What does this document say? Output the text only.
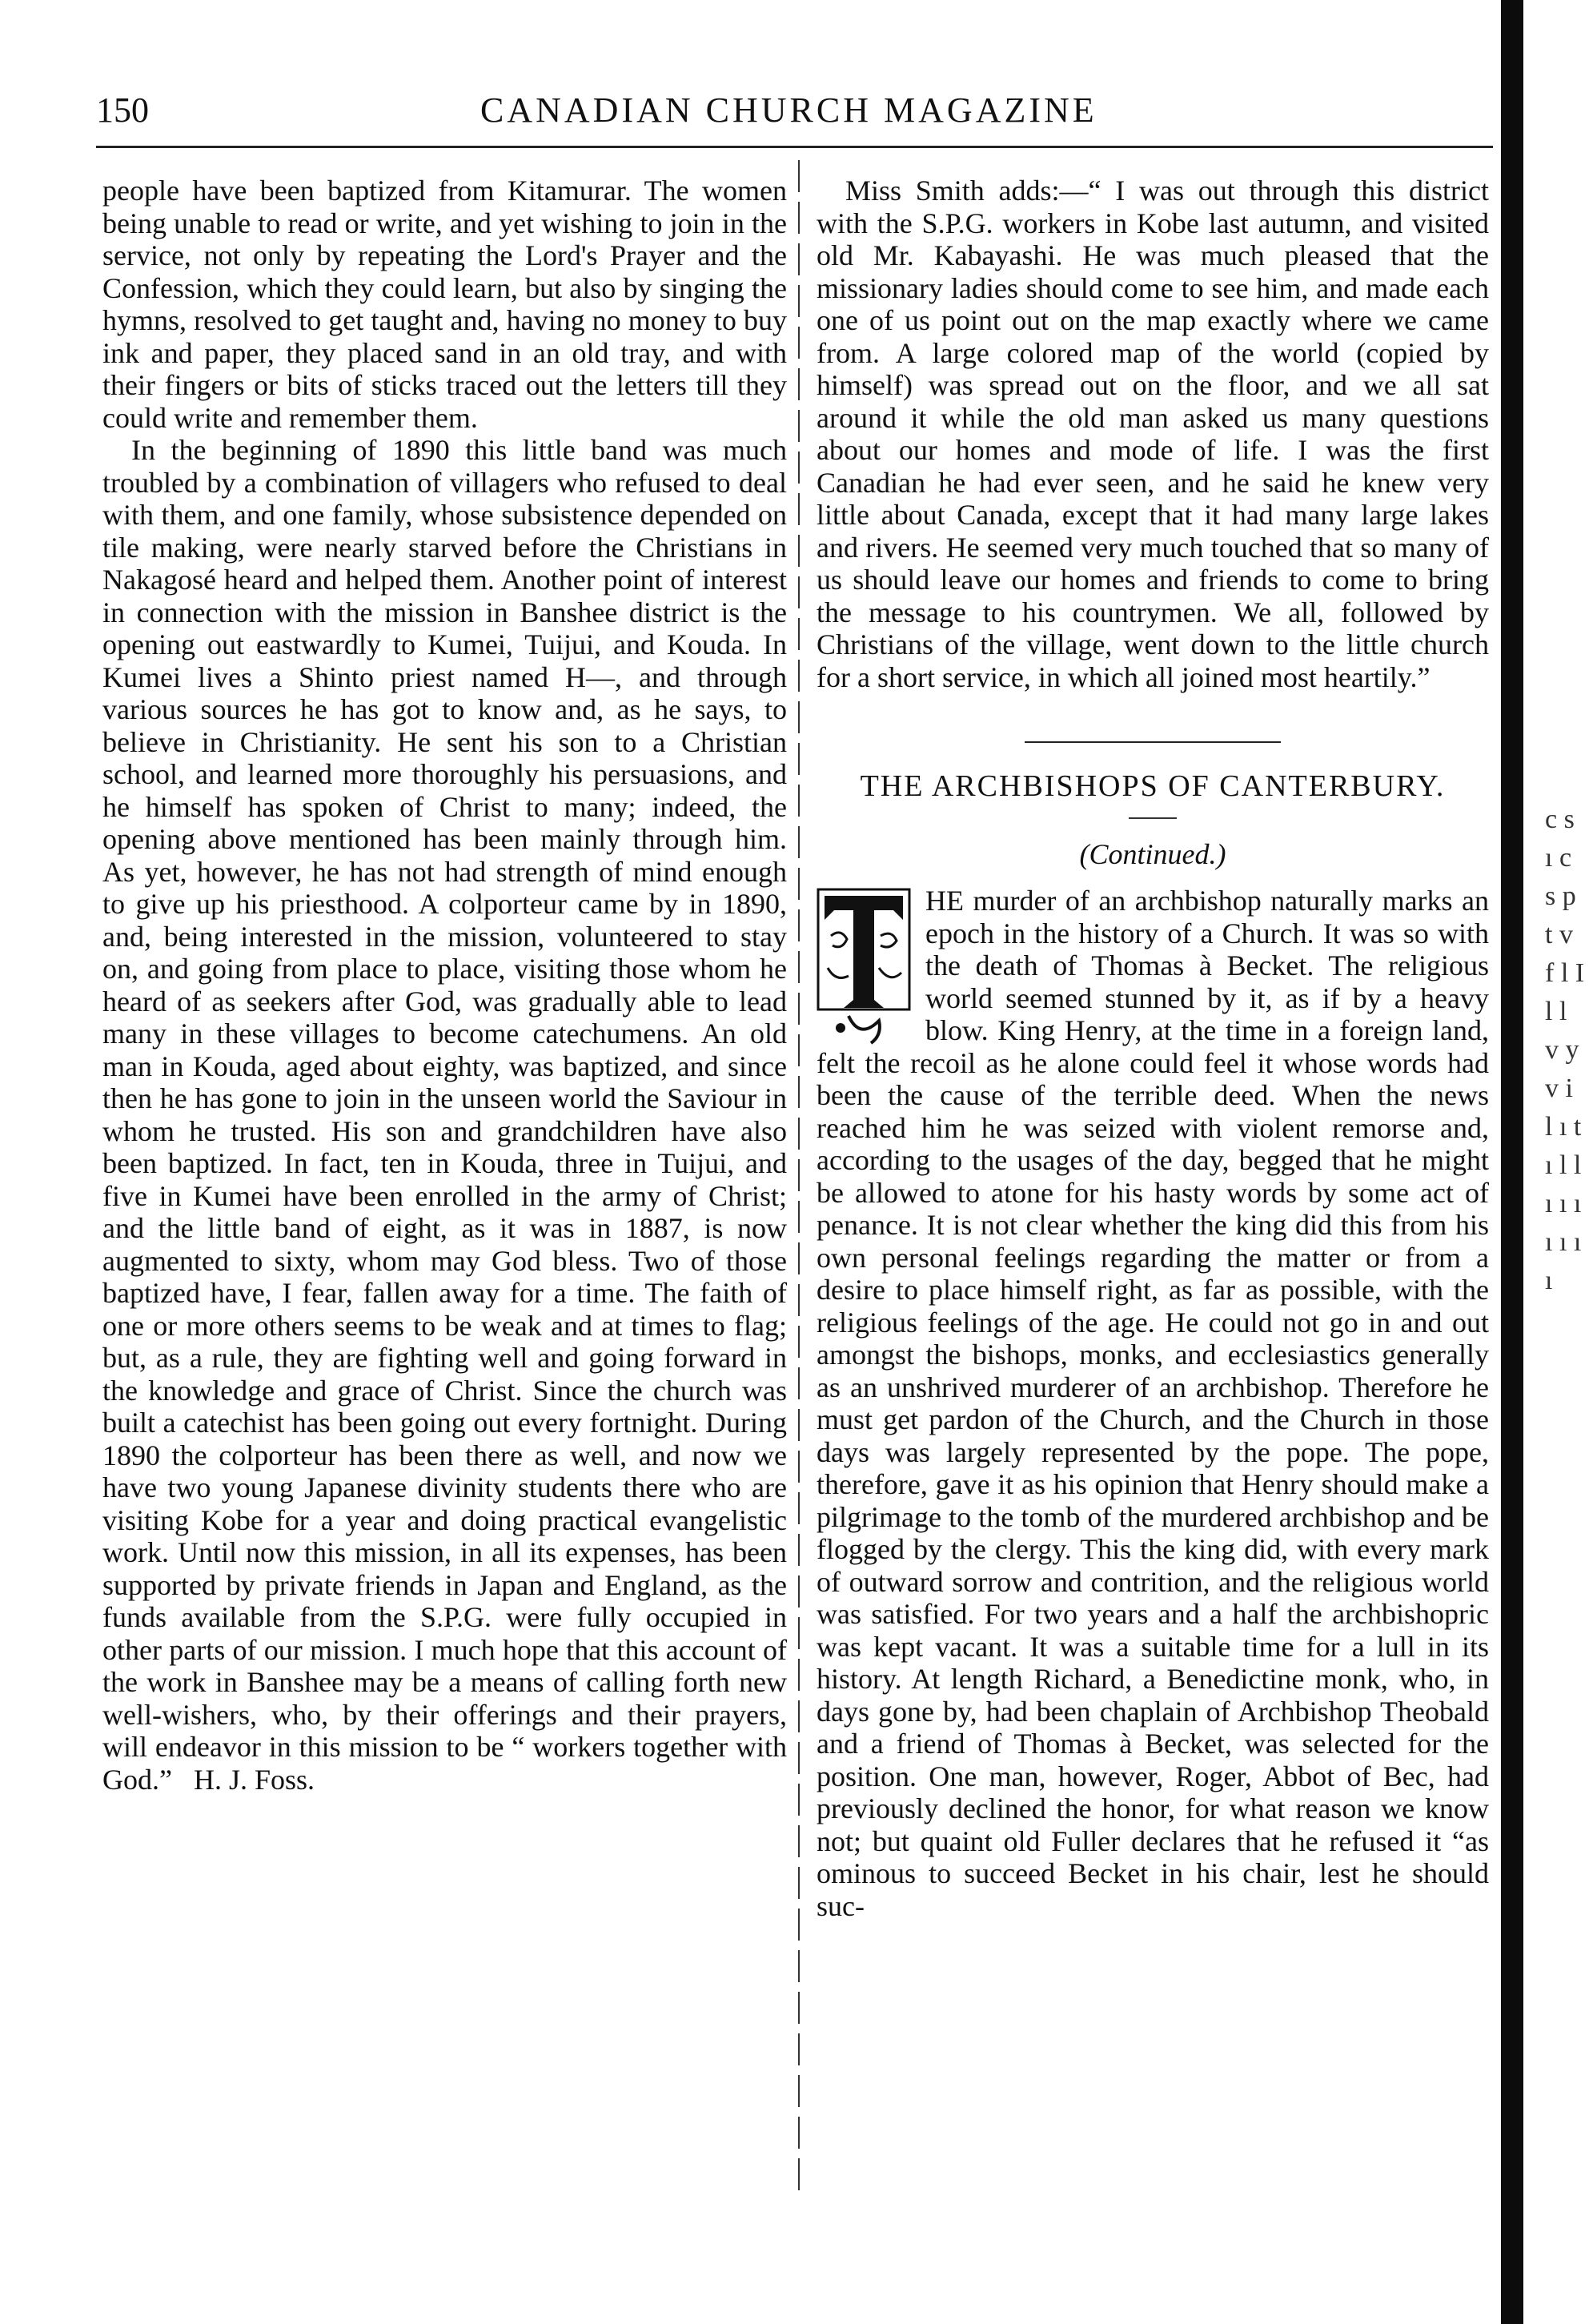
150	CANADIAN CHURCH MAGAZINE

people have been baptized from Kitamurar. The women being unable to read or write, and yet wishing to join in the service, not only by repeating the Lord's Prayer and the Confession, which they could learn, but also by singing the hymns, resolved to get taught and, having no money to buy ink and paper, they placed sand in an old tray, and with their fingers or bits of sticks traced out the letters till they could write and remember them.

In the beginning of 1890 this little band was much troubled by a combination of villagers who refused to deal with them, and one family, whose subsistence depended on tile making, were nearly starved before the Christians in Nakagosé heard and helped them. Another point of interest in connection with the mission in Banshee district is the opening out eastwardly to Kumei, Tuijui, and Kouda. In Kumei lives a Shinto priest named H—, and through various sources he has got to know and, as he says, to believe in Christianity. He sent his son to a Christian school, and learned more thoroughly his persuasions, and he himself has spoken of Christ to many; indeed, the opening above mentioned has been mainly through him. As yet, however, he has not had strength of mind enough to give up his priesthood. A colporteur came by in 1890, and, being interested in the mission, volunteered to stay on, and going from place to place, visiting those whom he heard of as seekers after God, was gradually able to lead many in these villages to become catechumens. An old man in Kouda, aged about eighty, was baptized, and since then he has gone to join in the unseen world the Saviour in whom he trusted. His son and grandchildren have also been baptized. In fact, ten in Kouda, three in Tuijui, and five in Kumei have been enrolled in the army of Christ; and the little band of eight, as it was in 1887, is now augmented to sixty, whom may God bless. Two of those baptized have, I fear, fallen away for a time. The faith of one or more others seems to be weak and at times to flag; but, as a rule, they are fighting well and going forward in the knowledge and grace of Christ. Since the church was built a catechist has been going out every fortnight. During 1890 the colporteur has been there as well, and now we have two young Japanese divinity students there who are visiting Kobe for a year and doing practical evangelistic work. Until now this mission, in all its expenses, has been supported by private friends in Japan and England, as the funds available from the S.P.G. were fully occupied in other parts of our mission. I much hope that this account of the work in Banshee may be a means of calling forth new well-wishers, who, by their offerings and their prayers, will endeavor in this mission to be “ workers together with God.” H. J. Foss.

Miss Smith adds:—“ I was out through this district with the S.P.G. workers in Kobe last autumn, and visited old Mr. Kabayashi. He was much pleased that the missionary ladies should come to see him, and made each one of us point out on the map exactly where we came from. A large colored map of the world (copied by himself) was spread out on the floor, and we all sat around it while the old man asked us many questions about our homes and mode of life. I was the first Canadian he had ever seen, and he said he knew very little about Canada, except that it had many large lakes and rivers. He seemed very much touched that so many of us should leave our homes and friends to come to bring the message to his countrymen. We all, followed by Christians of the village, went down to the little church for a short service, in which all joined most heartily.”

THE ARCHBISHOPS OF CANTERBURY.
(Continued.)

HE murder of an archbishop naturally marks an epoch in the history of a Church. It was so with the death of Thomas à Becket. The religious world seemed stunned by it, as if by a heavy blow. King Henry, at the time in a foreign land, felt the recoil as he alone could feel it whose words had been the cause of the terrible deed. When the news reached him he was seized with violent remorse and, according to the usages of the day, begged that he might be allowed to atone for his hasty words by some act of penance. It is not clear whether the king did this from his own personal feelings regarding the matter or from a desire to place himself right, as far as possible, with the religious feelings of the age. He could not go in and out amongst the bishops, monks, and ecclesiastics generally as an unshrived murderer of an archbishop. Therefore he must get pardon of the Church, and the Church in those days was largely represented by the pope. The pope, therefore, gave it as his opinion that Henry should make a pilgrimage to the tomb of the murdered archbishop and be flogged by the clergy. This the king did, with every mark of outward sorrow and contrition, and the religious world was satisfied. For two years and a half the archbishopric was kept vacant. It was a suitable time for a lull in its history. At length Richard, a Benedictine monk, who, in days gone by, had been chaplain of Archbishop Theobald and a friend of Thomas à Becket, was selected for the position. One man, however, Roger, Abbot of Bec, had previously declined the honor, for what reason we know not; but quaint old Fuller declares that he refused it “as ominous to succeed Becket in his chair, lest he should suc-

c s ı c s p t v f l I l l v y v i l ı t ı l l ı ı ı ı ı ı ı
